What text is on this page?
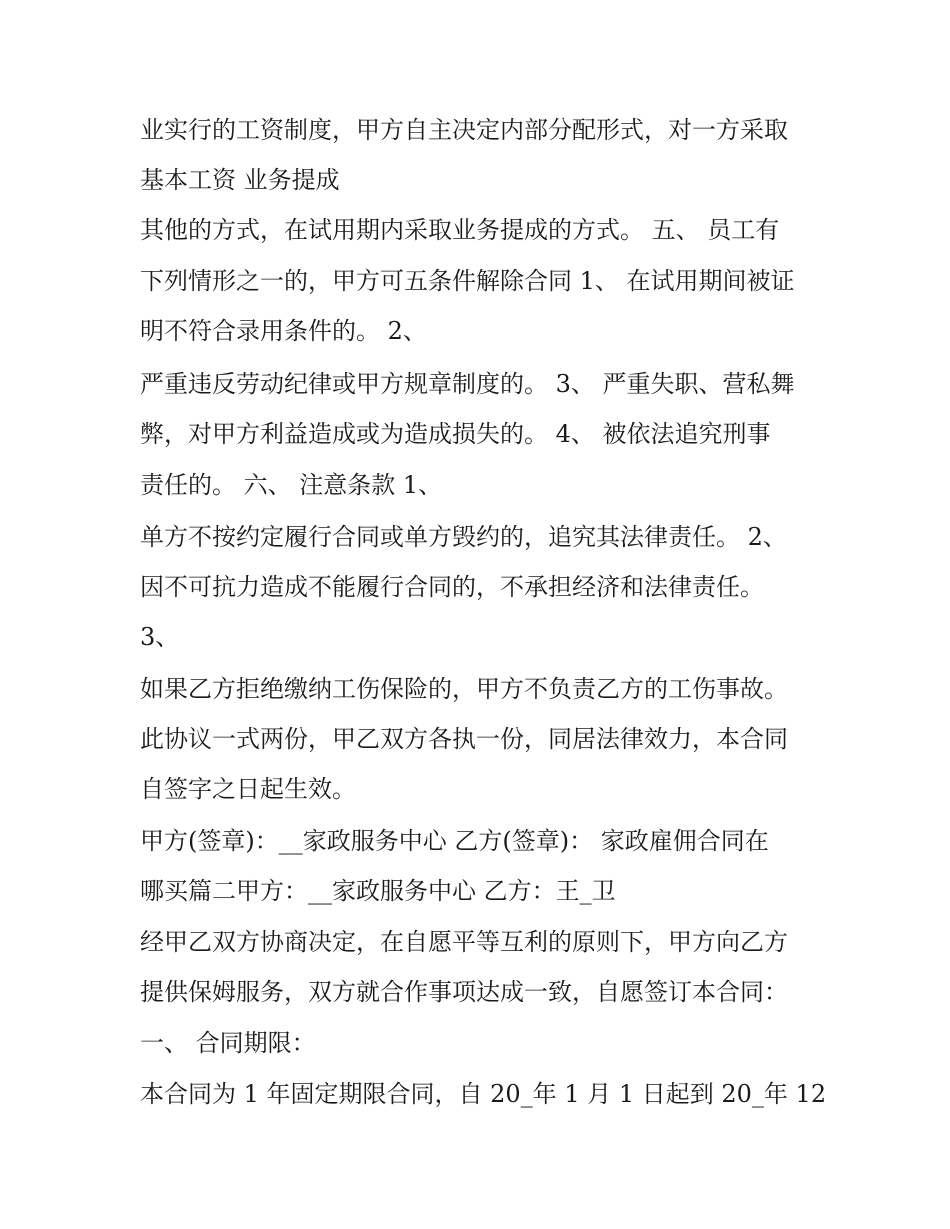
业实行的工资制度，甲方自主决定内部分配形式，对一方采取

基本工资 业务提成

其他的方式，在试用期内采取业务提成的方式。 五、 员工有

下列情形之一的，甲方可五条件解除合同 1、 在试用期间被证

明不符合录用条件的。 2、

严重违反劳动纪律或甲方规章制度的。 3、 严重失职、营私舞

弊，对甲方利益造成或为造成损失的。 4、 被依法追究刑事

责任的。 六、 注意条款 1、

单方不按约定履行合同或单方毁约的，追究其法律责任。 2、

因不可抗力造成不能履行合同的，不承担经济和法律责任。

3、

如果乙方拒绝缴纳工伤保险的，甲方不负责乙方的工伤事故。

此协议一式两份，甲乙双方各执一份，同居法律效力，本合同

自签字之日起生效。

甲方(签章)：__家政服务中心 乙方(签章)： 家政雇佣合同在

哪买篇二甲方：__家政服务中心 乙方：王_卫

经甲乙双方协商决定，在自愿平等互利的原则下，甲方向乙方

提供保姆服务，双方就合作事项达成一致，自愿签订本合同：

一、 合同期限：

本合同为 1 年固定期限合同，自 20_年 1 月 1 日起到 20_年 12
